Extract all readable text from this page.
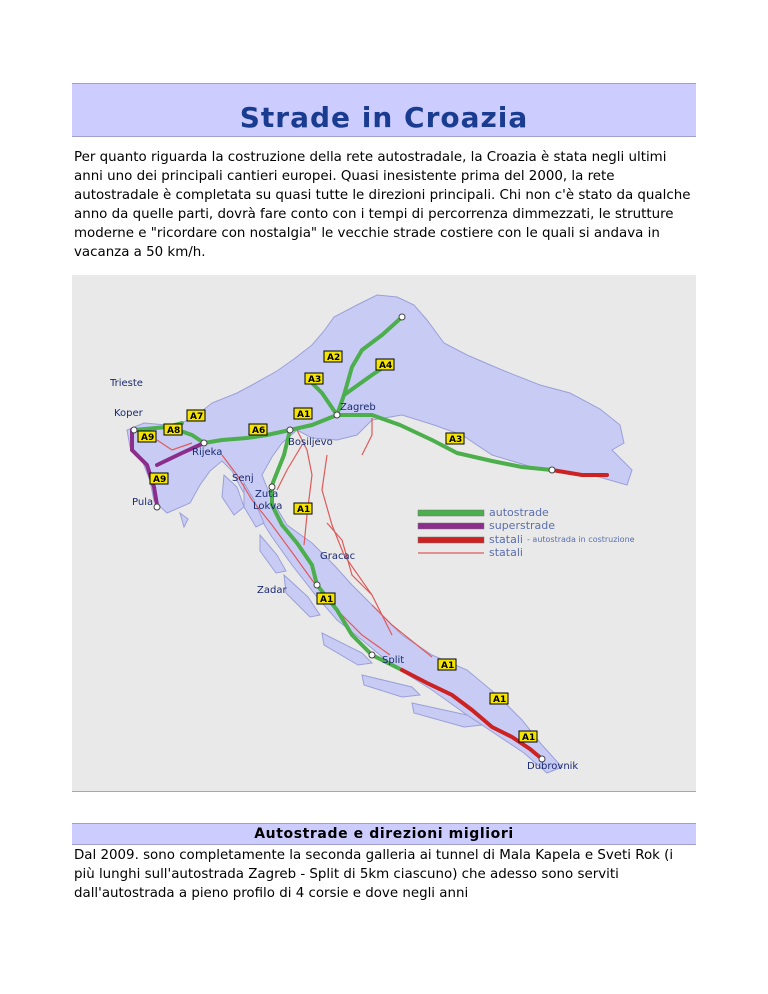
Strade in Croazia
Per quanto riguarda la costruzione della rete autostradale, la Croazia è stata negli ultimi anni uno dei principali cantieri europei. Quasi inesistente prima del 2000, la rete autostradale è completata su quasi tutte le direzioni principali. Chi non c'è stato da qualche anno da quelle parti, dovrà fare conto con i tempi di percorrenza dimmezzati, le strutture moderne e "ricordare con nostalgia" le vecchie strade costiere con le quali si andava in vacanza a 50 km/h.
Trieste
Koper
Zagreb
Bosiljevo
Rijeka
Senj
Zuta
Lokva
Pula
Gracac
Zadar
Split
Dubrovnik
A2
A4
A3
A3
A7	A1
A6
A8
A9
A9
A1
A1
A1
A1
A1
autostrade
superstrade
statali - autostrada in costruzione
statali
Autostrade e direzioni migliori
Dal 2009. sono completamente la seconda galleria ai tunnel di Mala Kapela e Sveti Rok (i più lunghi sull'autostrada Zagreb - Split di 5km ciascuno) che adesso sono serviti dall'autostrada a pieno profilo di 4 corsie e dove negli anni
